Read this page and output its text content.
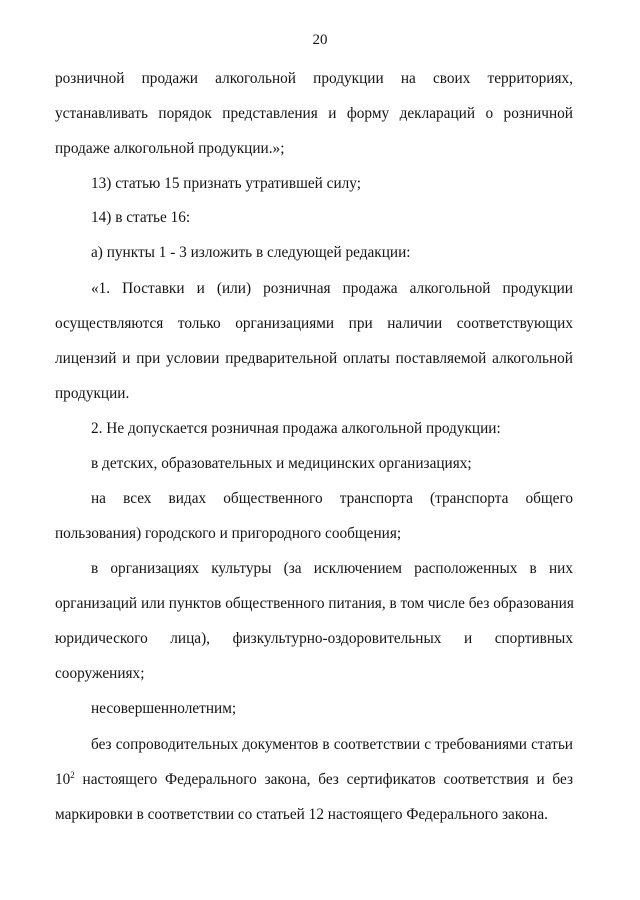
20
розничной продажи алкогольной продукции на своих территориях,
устанавливать порядок представления и форму деклараций о розничной
продаже алкогольной продукции.»;
13) статью 15 признать утратившей силу;
14) в статье 16:
а) пункты 1 - 3 изложить в следующей редакции:
«1. Поставки и (или) розничная продажа алкогольной продукции
осуществляются только организациями при наличии соответствующих
лицензий и при условии предварительной оплаты поставляемой алкогольной
продукции.
2. Не допускается розничная продажа алкогольной продукции:
в детских, образовательных и медицинских организациях;
на всех видах общественного транспорта (транспорта общего
пользования) городского и пригородного сообщения;
в организациях культуры (за исключением расположенных в них
организаций или пунктов общественного питания, в том числе без образования
юридического лица), физкультурно-оздоровительных и спортивных
сооружениях;
несовершеннолетним;
без сопроводительных документов в соответствии с требованиями статьи
$10^2$ настоящего Федерального закона, без сертификатов соответствия и без
маркировки в соответствии со статьей 12 настоящего Федерального закона.
